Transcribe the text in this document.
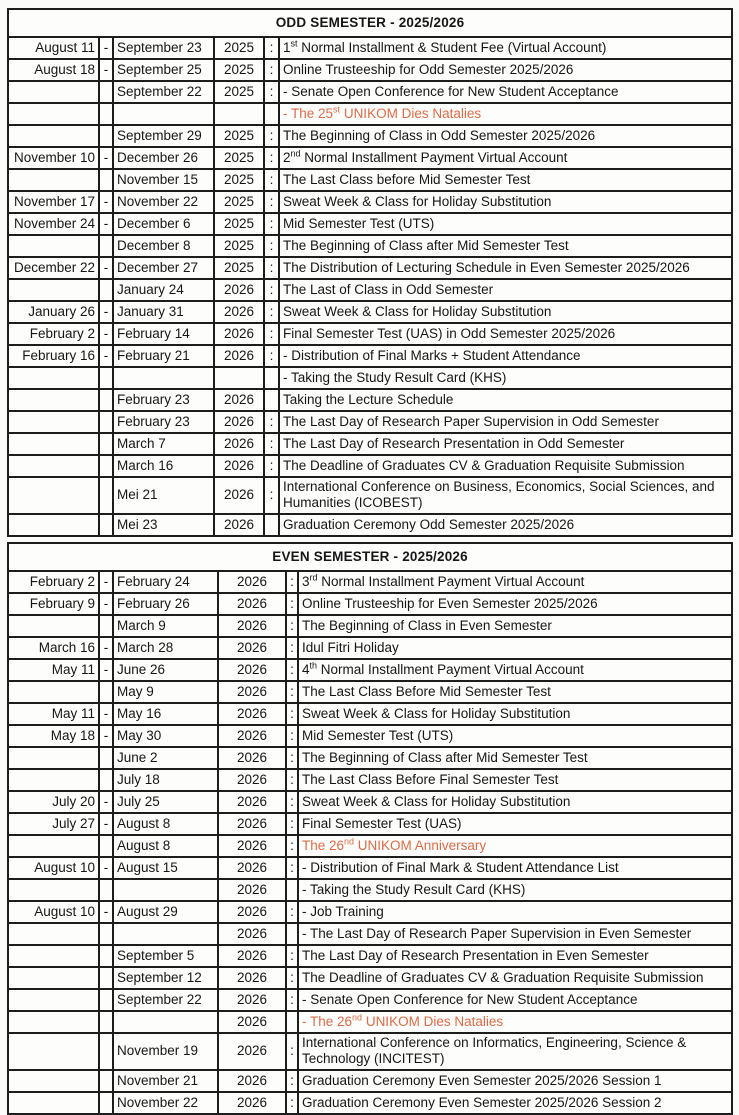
ODD SEMESTER - 2025/2026					
August 11	-	September 23	2025	:	1st Normal Installment & Student Fee (Virtual Account)
August 18	-	September 25	2025	:	Online Trusteeship for Odd Semester 2025/2026
		September 22	2025	:	- Senate Open Conference for New Student Acceptance
					- The 25st UNIKOM Dies Natalies
		September 29	2025	:	The Beginning of Class in Odd Semester 2025/2026
November 10	-	December 26	2025	:	2nd Normal Installment Payment Virtual Account
		November 15	2025	:	The Last Class before Mid Semester Test
November 17	-	November 22	2025	:	Sweat Week & Class for Holiday Substitution
November 24	-	December 6	2025	:	Mid Semester Test (UTS)
		December 8	2025	:	The Beginning of Class after Mid Semester Test
December 22	-	December 27	2025	:	The Distribution of Lecturing Schedule in Even Semester 2025/2026
		January 24	2026	:	The Last of Class in Odd Semester
January 26	-	January 31	2026	:	Sweat Week & Class for Holiday Substitution
February 2	-	February 14	2026	:	Final Semester Test (UAS) in Odd Semester 2025/2026
February 16	-	February 21	2026	:	- Distribution of Final Marks + Student Attendance
					- Taking the Study Result Card (KHS)
		February 23	2026		Taking the Lecture Schedule
		February 23	2026	:	The Last Day of Research Paper Supervision in Odd Semester
		March 7	2026	:	The Last Day of Research Presentation in Odd Semester
		March 16	2026	:	The Deadline of Graduates CV & Graduation Requisite Submission
		Mei 21	2026	:	International Conference on Business, Economics, Social Sciences, and Humanities (ICOBEST)
		Mei 23	2026		Graduation Ceremony Odd Semester 2025/2026
EVEN SEMESTER - 2025/2026					
February 2	-	February 24	2026	:	3rd Normal Installment Payment Virtual Account
February 9	-	February 26	2026	:	Online Trusteeship for Even Semester 2025/2026
		March 9	2026	:	The Beginning of Class in Even Semester
March 16	-	March 28	2026	:	Idul Fitri Holiday
May 11	-	June 26	2026	:	4th Normal Installment Payment Virtual Account
		May 9	2026	:	The Last Class Before Mid Semester Test
May 11	-	May 16	2026	:	Sweat Week & Class for Holiday Substitution
May 18	-	May 30	2026	:	Mid Semester Test (UTS)
		June 2	2026	:	The Beginning of Class after Mid Semester Test
		July 18	2026	:	The Last Class Before Final Semester Test
July 20	-	July 25	2026	:	Sweat Week & Class for Holiday Substitution
July 27	-	August 8	2026	:	Final Semester Test (UAS)
		August 8	2026	:	The 26nd UNIKOM Anniversary
August 10	-	August 15	2026	:	- Distribution of Final Mark & Student Attendance List
			2026		- Taking the Study Result Card (KHS)
August 10	-	August 29	2026	:	- Job Training
			2026		- The Last Day of Research Paper Supervision in Even Semester
		September 5	2026	:	The Last Day of Research Presentation in Even Semester
		September 12	2026	:	The Deadline of Graduates CV & Graduation Requisite Submission
		September 22	2026	:	- Senate Open Conference for New Student Acceptance
			2026		- The 26nd UNIKOM Dies Natalies
		November 19	2026	:	International Conference on Informatics, Engineering, Science & Technology (INCITEST)
		November 21	2026	:	Graduation Ceremony Even Semester 2025/2026 Session 1
		November 22	2026	:	Graduation Ceremony Even Semester 2025/2026 Session 2
